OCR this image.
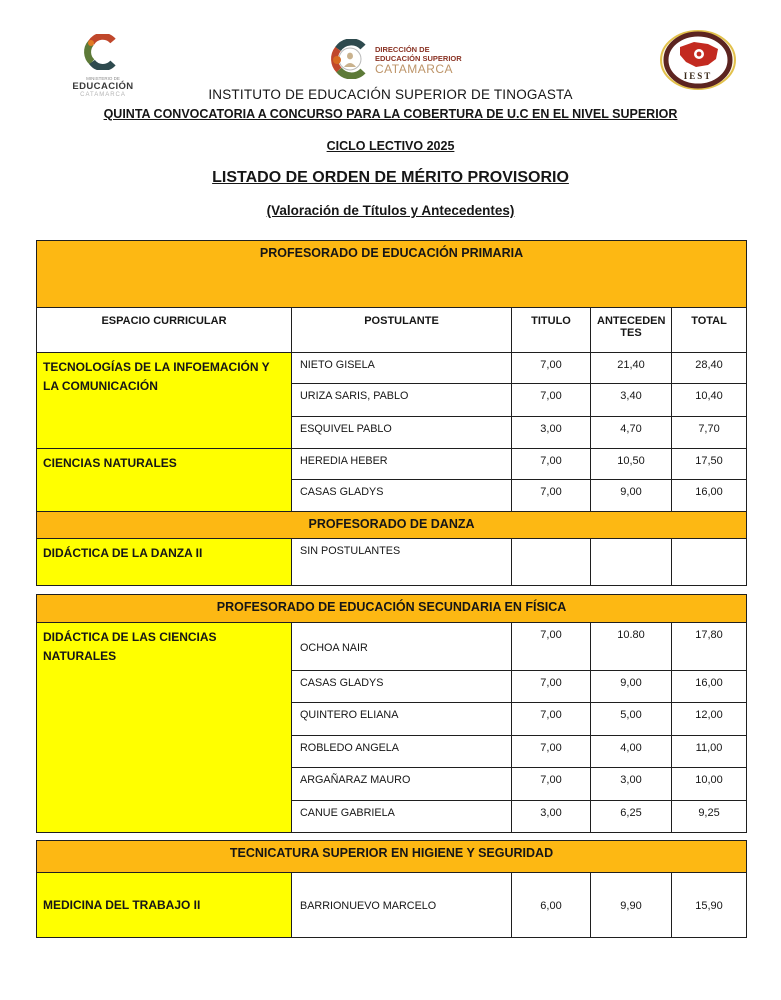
MINISTERIO DE
EDUCACIÓN
CATAMARCA
DIRECCIÓN DE
EDUCACIÓN SUPERIOR
CATAMARCA	IEST
INSTITUTO DE EDUCACIÓN SUPERIOR DE TINOGASTA
QUINTA CONVOCATORIA A CONCURSO PARA LA COBERTURA DE U.C EN EL NIVEL SUPERIOR
CICLO LECTIVO 2025
LISTADO DE ORDEN DE MÉRITO PROVISORIO
(Valoración de Títulos y Antecedentes)
PROFESORADO DE EDUCACIÓN PRIMARIA				
ESPACIO CURRICULAR	POSTULANTE	TITULO	ANTECEDEN TES	TOTAL
TECNOLOGÍAS DE LA INFOEMACIÓN Y LA COMUNICACIÓN	NIETO GISELA	7,00	21,40	28,40
	URIZA SARIS, PABLO	7,00	3,40	10,40
	ESQUIVEL PABLO	3,00	4,70	7,70
CIENCIAS NATURALES	HEREDIA HEBER	7,00	10,50	17,50
	CASAS GLADYS	7,00	9,00	16,00
PROFESORADO DE DANZA				
DIDÁCTICA DE LA DANZA II	SIN POSTULANTES			
PROFESORADO DE EDUCACIÓN SECUNDARIA EN FÍSICA				
DIDÁCTICA DE LAS CIENCIAS NATURALES	OCHOA NAIR	7,00	10.80	17,80
	CASAS GLADYS	7,00	9,00	16,00
	QUINTERO ELIANA	7,00	5,00	12,00
	ROBLEDO ANGELA	7,00	4,00	11,00
	ARGAÑARAZ MAURO	7,00	3,00	10,00
	CANUE GABRIELA	3,00	6,25	9,25
TECNICATURA SUPERIOR EN HIGIENE Y SEGURIDAD
MEDICINA DEL TRABAJO II	BARRIONUEVO MARCELO	6,00	9,90	15,90
